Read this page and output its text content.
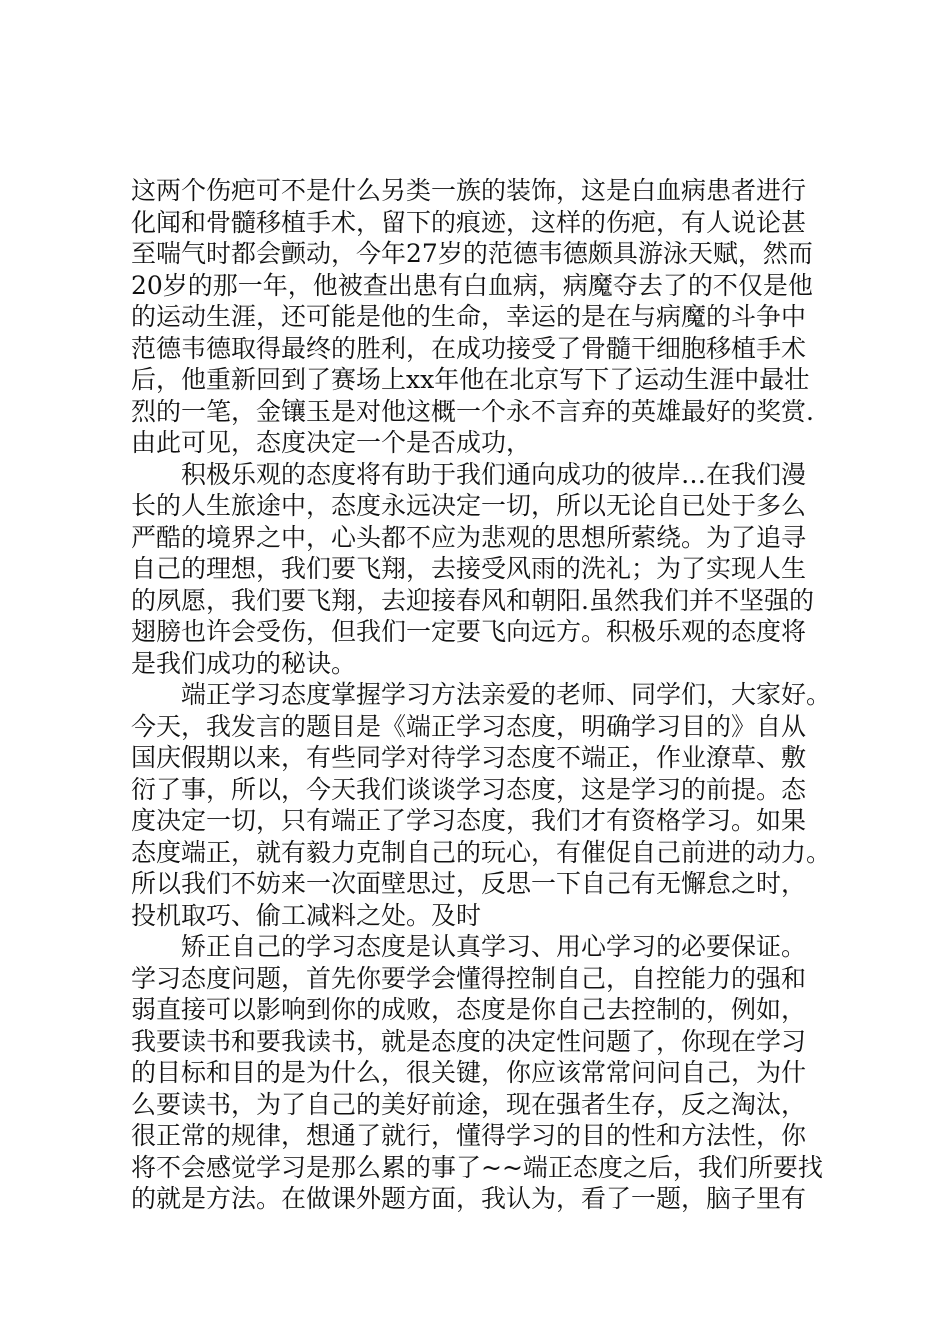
这两个伤疤可不是什么另类一族的装饰，这是白血病患者进行
化闻和骨髓移植手术，留下的痕迹，这样的伤疤，有人说论甚
至喘气时都会颤动，今年27岁的范德韦德颇具游泳天赋，然而
20岁的那一年，他被查出患有白血病，病魔夺去了的不仅是他
的运动生涯，还可能是他的生命，幸运的是在与病魔的斗争中
范德韦德取得最终的胜利，在成功接受了骨髓干细胞移植手术
后，他重新回到了赛场上xx年他在北京写下了运动生涯中最壮
烈的一笔，金镶玉是对他这概一个永不言弃的英雄最好的奖赏.
由此可见，态度决定一个是否成功，
积极乐观的态度将有助于我们通向成功的彼岸…在我们漫
长的人生旅途中，态度永远决定一切，所以无论自已处于多么
严酷的境界之中，心头都不应为悲观的思想所萦绕。为了追寻
自己的理想，我们要飞翔，去接受风雨的洗礼；为了实现人生
的夙愿，我们要飞翔，去迎接春风和朝阳.虽然我们并不坚强的
翅膀也许会受伤，但我们一定要飞向远方。积极乐观的态度将
是我们成功的秘诀。
端正学习态度掌握学习方法亲爱的老师、同学们，大家好。
今天，我发言的题目是《端正学习态度，明确学习目的》自从
国庆假期以来，有些同学对待学习态度不端正，作业潦草、敷
衍了事，所以，今天我们谈谈学习态度，这是学习的前提。态
度决定一切，只有端正了学习态度，我们才有资格学习。如果
态度端正，就有毅力克制自己的玩心，有催促自己前进的动力。
所以我们不妨来一次面壁思过，反思一下自己有无懈怠之时，
投机取巧、偷工减料之处。及时
矫正自己的学习态度是认真学习、用心学习的必要保证。
学习态度问题，首先你要学会懂得控制自己，自控能力的强和
弱直接可以影响到你的成败，态度是你自己去控制的，例如，
我要读书和要我读书，就是态度的决定性问题了，你现在学习
的目标和目的是为什么，很关键，你应该常常问问自己，为什
么要读书，为了自己的美好前途，现在强者生存，反之淘汰，
很正常的规律，想通了就行，懂得学习的目的性和方法性，你
将不会感觉学习是那么累的事了~~端正态度之后，我们所要找
的就是方法。在做课外题方面，我认为，看了一题，脑子里有
